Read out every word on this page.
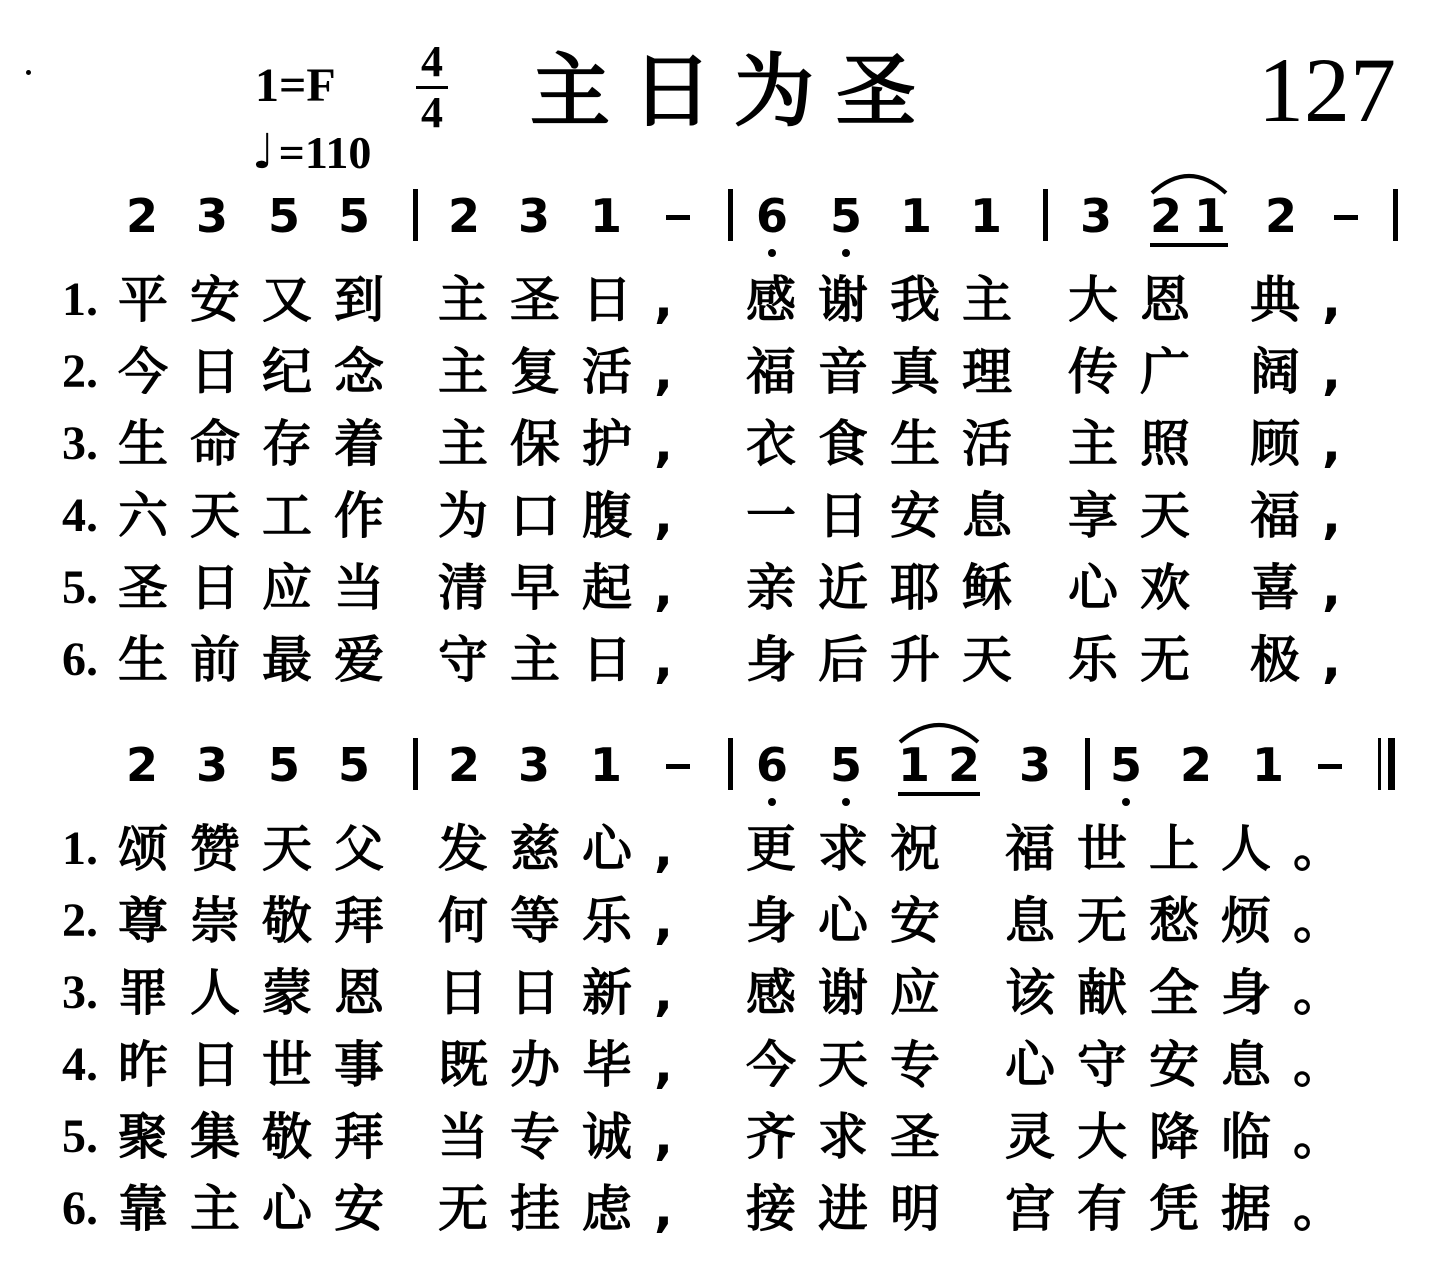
1=F 4
4
♩ =110
主日为圣	127
2 3 5 5	2 3 1	6 5 1 1	3 2 1 2
2 3 5 5	2 3 1	6 5 1 2 3	5 2 1
1. 平安又到 主圣日, 感谢我主 大恩 典,
2. 今日纪念 主复活, 福音真理 传广 阔,
3. 生命存着 主保护, 衣食生活 主照 顾,
4. 六天工作 为口腹, 一日安息 享天 福,
5. 圣日应当 清早起, 亲近耶稣 心欢 喜,
6. 生前最爱 守主日, 身后升天 乐无 极,
1. 颂赞天父 发慈心, 更求祝 福世上人。
2. 尊崇敬拜 何等乐, 身心安 息无愁烦。
3. 罪人蒙恩 日日新, 感谢应 该献全身。
4. 昨日世事 既办毕, 今天专 心守安息。
5. 聚集敬拜 当专诚, 齐求圣 灵大降临。
6. 靠主心安 无挂虑, 接进明 宫有凭据。
